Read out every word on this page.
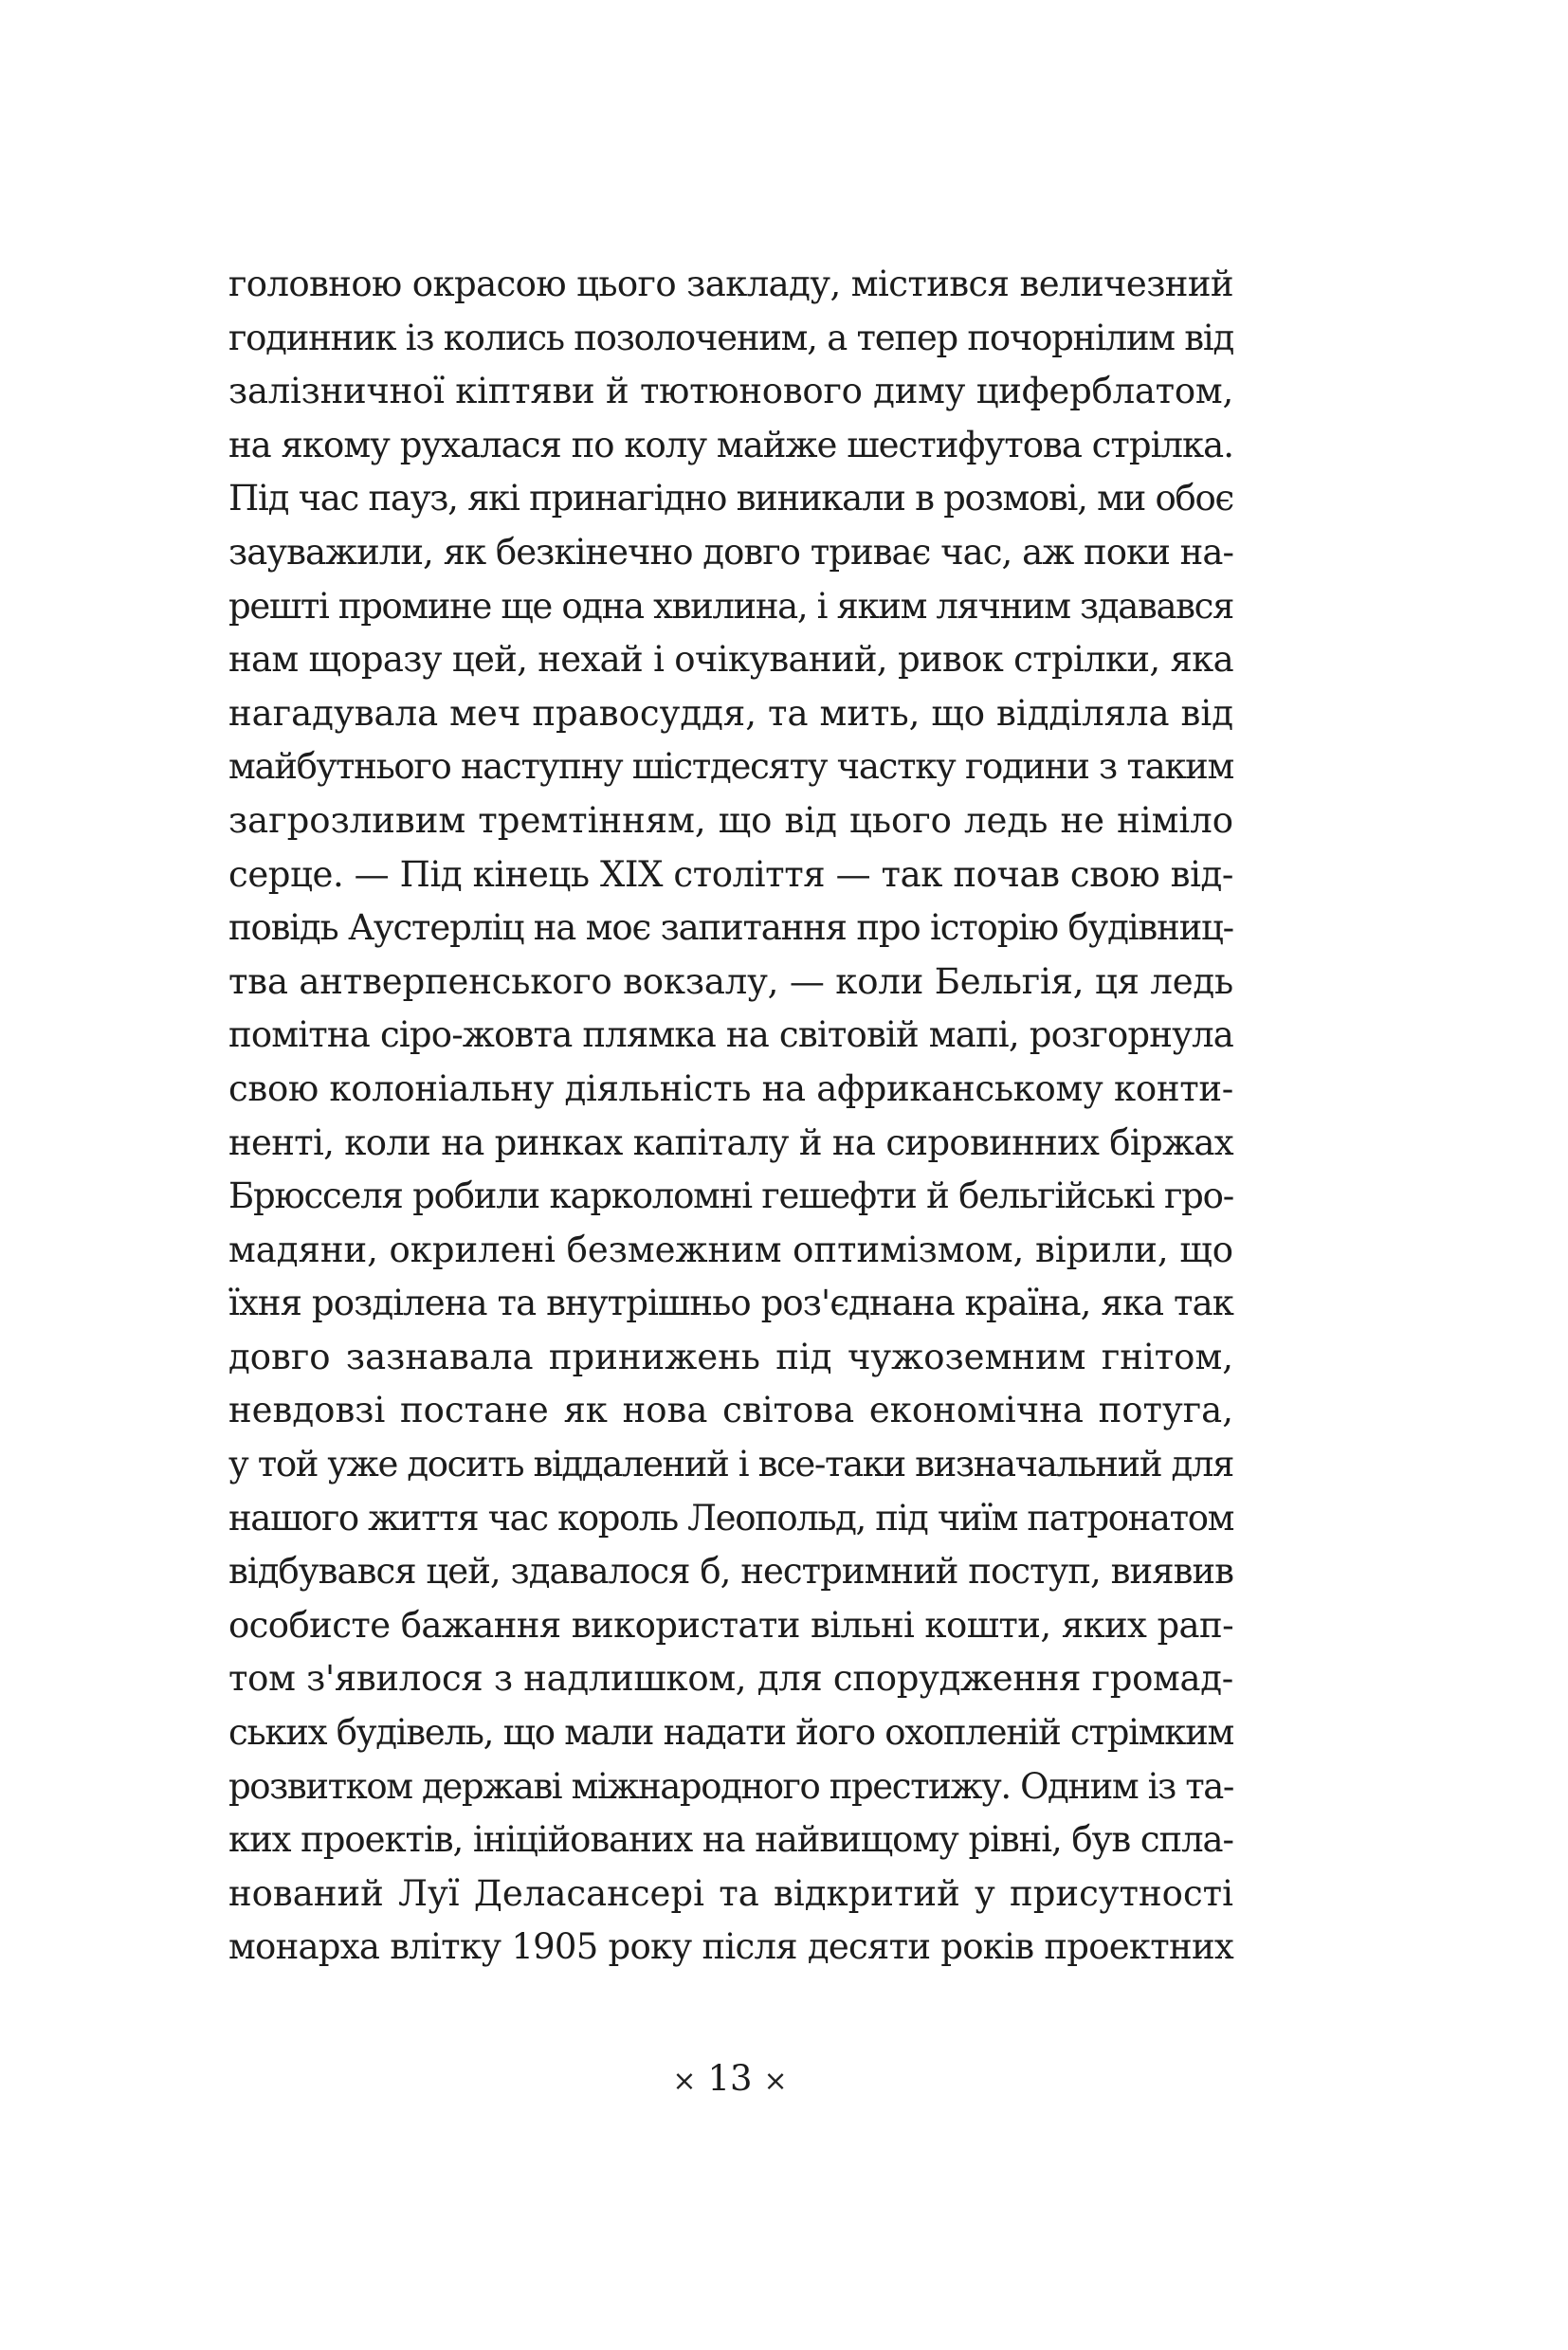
головною окрасою цього закладу, містився величезний
годинник із колись позолоченим, а тепер почорнілим від
залізничної кіптяви й тютюнового диму циферблатом,
на якому рухалася по колу майже шестифутова стрілка.
Під час пауз, які принагідно виникали в розмові, ми обоє
зауважили, як безкінечно довго триває час, аж поки на-
решті промине ще одна хвилина, і яким лячним здавався
нам щоразу цей, нехай і очікуваний, ривок стрілки, яка
нагадувала меч правосуддя, та мить, що відділяла від
майбутнього наступну шістдесяту частку години з таким
загрозливим тремтінням, що від цього ледь не німіло
серце. — Під кінець XIX століття — так почав свою від-
повідь Аустерліц на моє запитання про історію будівниц-
тва антверпенського вокзалу, — коли Бельгія, ця ледь
помітна сіро-жовта плямка на світовій мапі, розгорнула
свою колоніальну діяльність на африканському конти-
ненті, коли на ринках капіталу й на сировинних біржах
Брюсселя робили карколомні гешефти й бельгійські гро-
мадяни, окрилені безмежним оптимізмом, вірили, що
їхня розділена та внутрішньо роз'єднана країна, яка так
довго зазнавала принижень під чужоземним гнітом,
невдовзі постане як нова світова економічна потуга,
у той уже досить віддалений і все-таки визначальний для
нашого життя час король Леопольд, під чиїм патронатом
відбувався цей, здавалося б, нестримний поступ, виявив
особисте бажання використати вільні кошти, яких рап-
том з'явилося з надлишком, для спорудження громад-
ських будівель, що мали надати його охопленій стрімким
розвитком державі міжнародного престижу. Одним із та-
ких проектів, ініційованих на найвищому рівні, був спла-
нований Луї Деласансері та відкритий у присутності
монарха влітку 1905 року після десяти років проектних
× 13 ×
